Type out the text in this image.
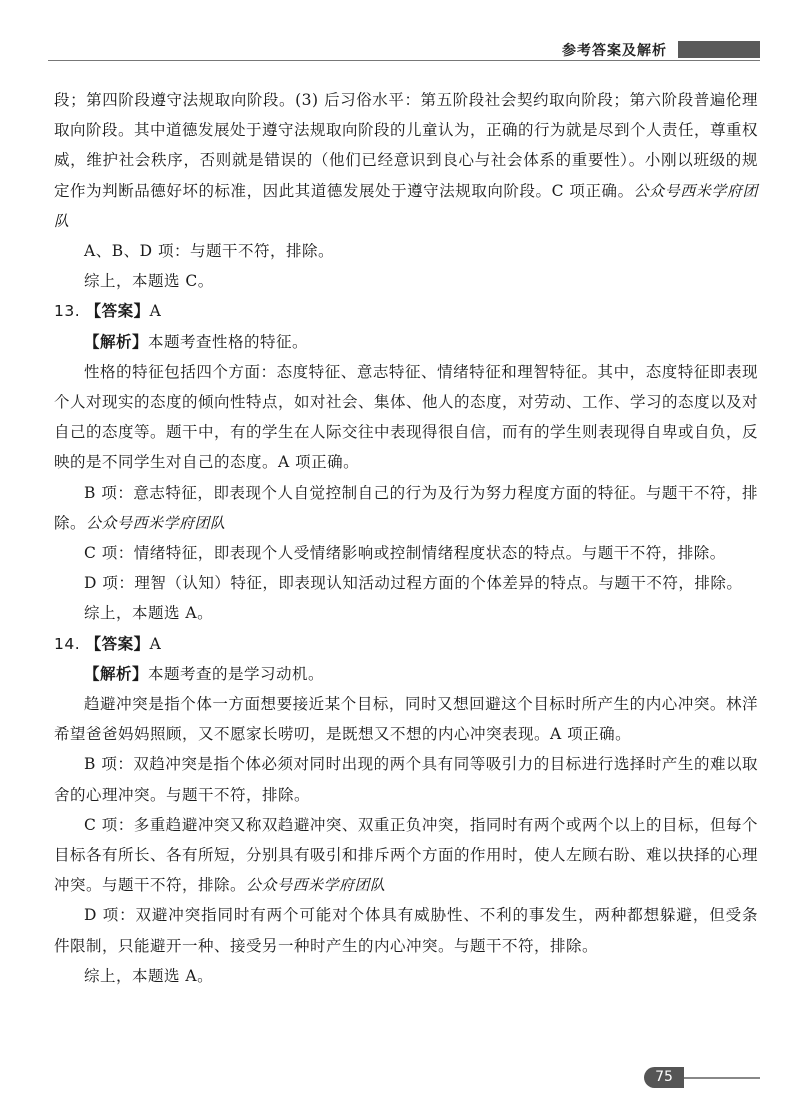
参考答案及解析

段；第四阶段遵守法规取向阶段。(3) 后习俗水平：第五阶段社会契约取向阶段；第六阶段普遍伦理取向阶段。其中道德发展处于遵守法规取向阶段的儿童认为，正确的行为就是尽到个人责任，尊重权威，维护社会秩序，否则就是错误的（他们已经意识到良心与社会体系的重要性）。小刚以班级的规定作为判断品德好坏的标准，因此其道德发展处于遵守法规取向阶段。C 项正确。公众号西米学府团队

A、B、D 项：与题干不符，排除。

综上，本题选 C。

13. 【答案】A

【解析】本题考查性格的特征。

性格的特征包括四个方面：态度特征、意志特征、情绪特征和理智特征。其中，态度特征即表现个人对现实的态度的倾向性特点，如对社会、集体、他人的态度，对劳动、工作、学习的态度以及对自己的态度等。题干中，有的学生在人际交往中表现得很自信，而有的学生则表现得自卑或自负，反映的是不同学生对自己的态度。A 项正确。

B 项：意志特征，即表现个人自觉控制自己的行为及行为努力程度方面的特征。与题干不符，排除。公众号西米学府团队

C 项：情绪特征，即表现个人受情绪影响或控制情绪程度状态的特点。与题干不符，排除。

D 项：理智（认知）特征，即表现认知活动过程方面的个体差异的特点。与题干不符，排除。

综上，本题选 A。

14. 【答案】A

【解析】本题考查的是学习动机。

趋避冲突是指个体一方面想要接近某个目标，同时又想回避这个目标时所产生的内心冲突。林洋希望爸爸妈妈照顾，又不愿家长唠叨，是既想又不想的内心冲突表现。A 项正确。

B 项：双趋冲突是指个体必须对同时出现的两个具有同等吸引力的目标进行选择时产生的难以取舍的心理冲突。与题干不符，排除。

C 项：多重趋避冲突又称双趋避冲突、双重正负冲突，指同时有两个或两个以上的目标，但每个目标各有所长、各有所短，分别具有吸引和排斥两个方面的作用时，使人左顾右盼、难以抉择的心理冲突。与题干不符，排除。公众号西米学府团队

D 项：双避冲突指同时有两个可能对个体具有威胁性、不利的事发生，两种都想躲避，但受条件限制，只能避开一种、接受另一种时产生的内心冲突。与题干不符，排除。

综上，本题选 A。

75
